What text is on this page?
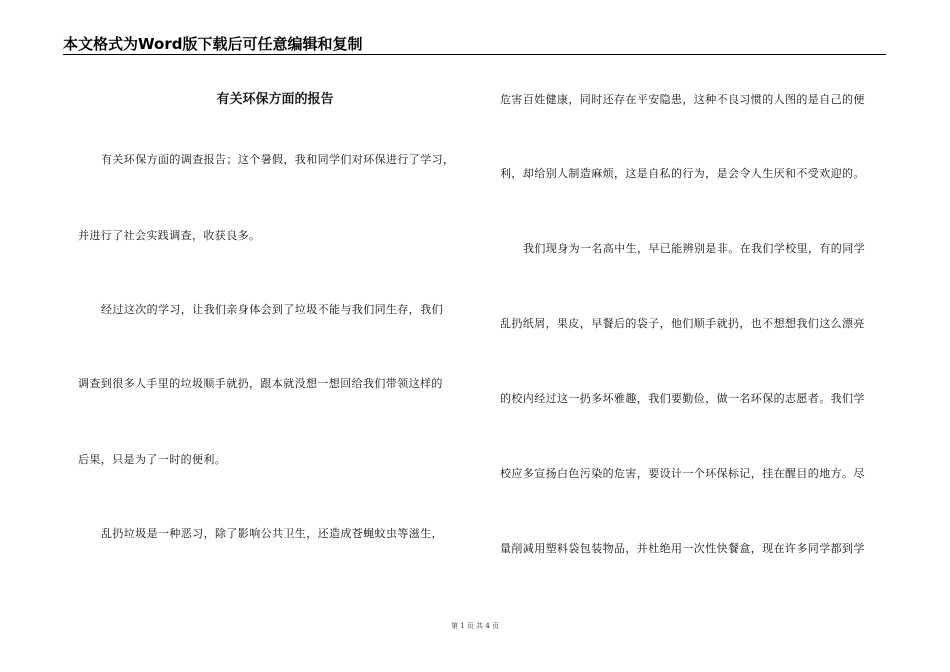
本文格式为Word版下载后可任意编辑和复制
有关环保方面的报告
有关环保方面的调查报告；这个暑假，我和同学们对环保进行了学习，
并进行了社会实践调查，收获良多。
经过这次的学习，让我们亲身体会到了垃圾不能与我们同生存，我们
调查到很多人手里的垃圾顺手就扔，跟本就没想一想回给我们带领这样的
后果，只是为了一时的便利。
乱扔垃圾是一种恶习，除了影响公共卫生，还造成苍蝇蚊虫等滋生，
危害百姓健康，同时还存在平安隐患，这种不良习惯的人图的是自己的便
利，却给别人制造麻烦，这是自私的行为，是会令人生厌和不受欢迎的。
我们现身为一名高中生，早已能辨别是非。在我们学校里，有的同学
乱扔纸屑，果皮，早餐后的袋子，他们顺手就扔，也不想想我们这么漂亮
的校内经过这一扔多坏雅趣，我们要勤俭，做一名环保的志愿者。我们学
校应多宣扬白色污染的危害，要设计一个环保标记，挂在醒目的地方。尽
量削减用塑料袋包装物品，并杜绝用一次性快餐盒，现在许多同学都到学
第 1 页 共 4 页
